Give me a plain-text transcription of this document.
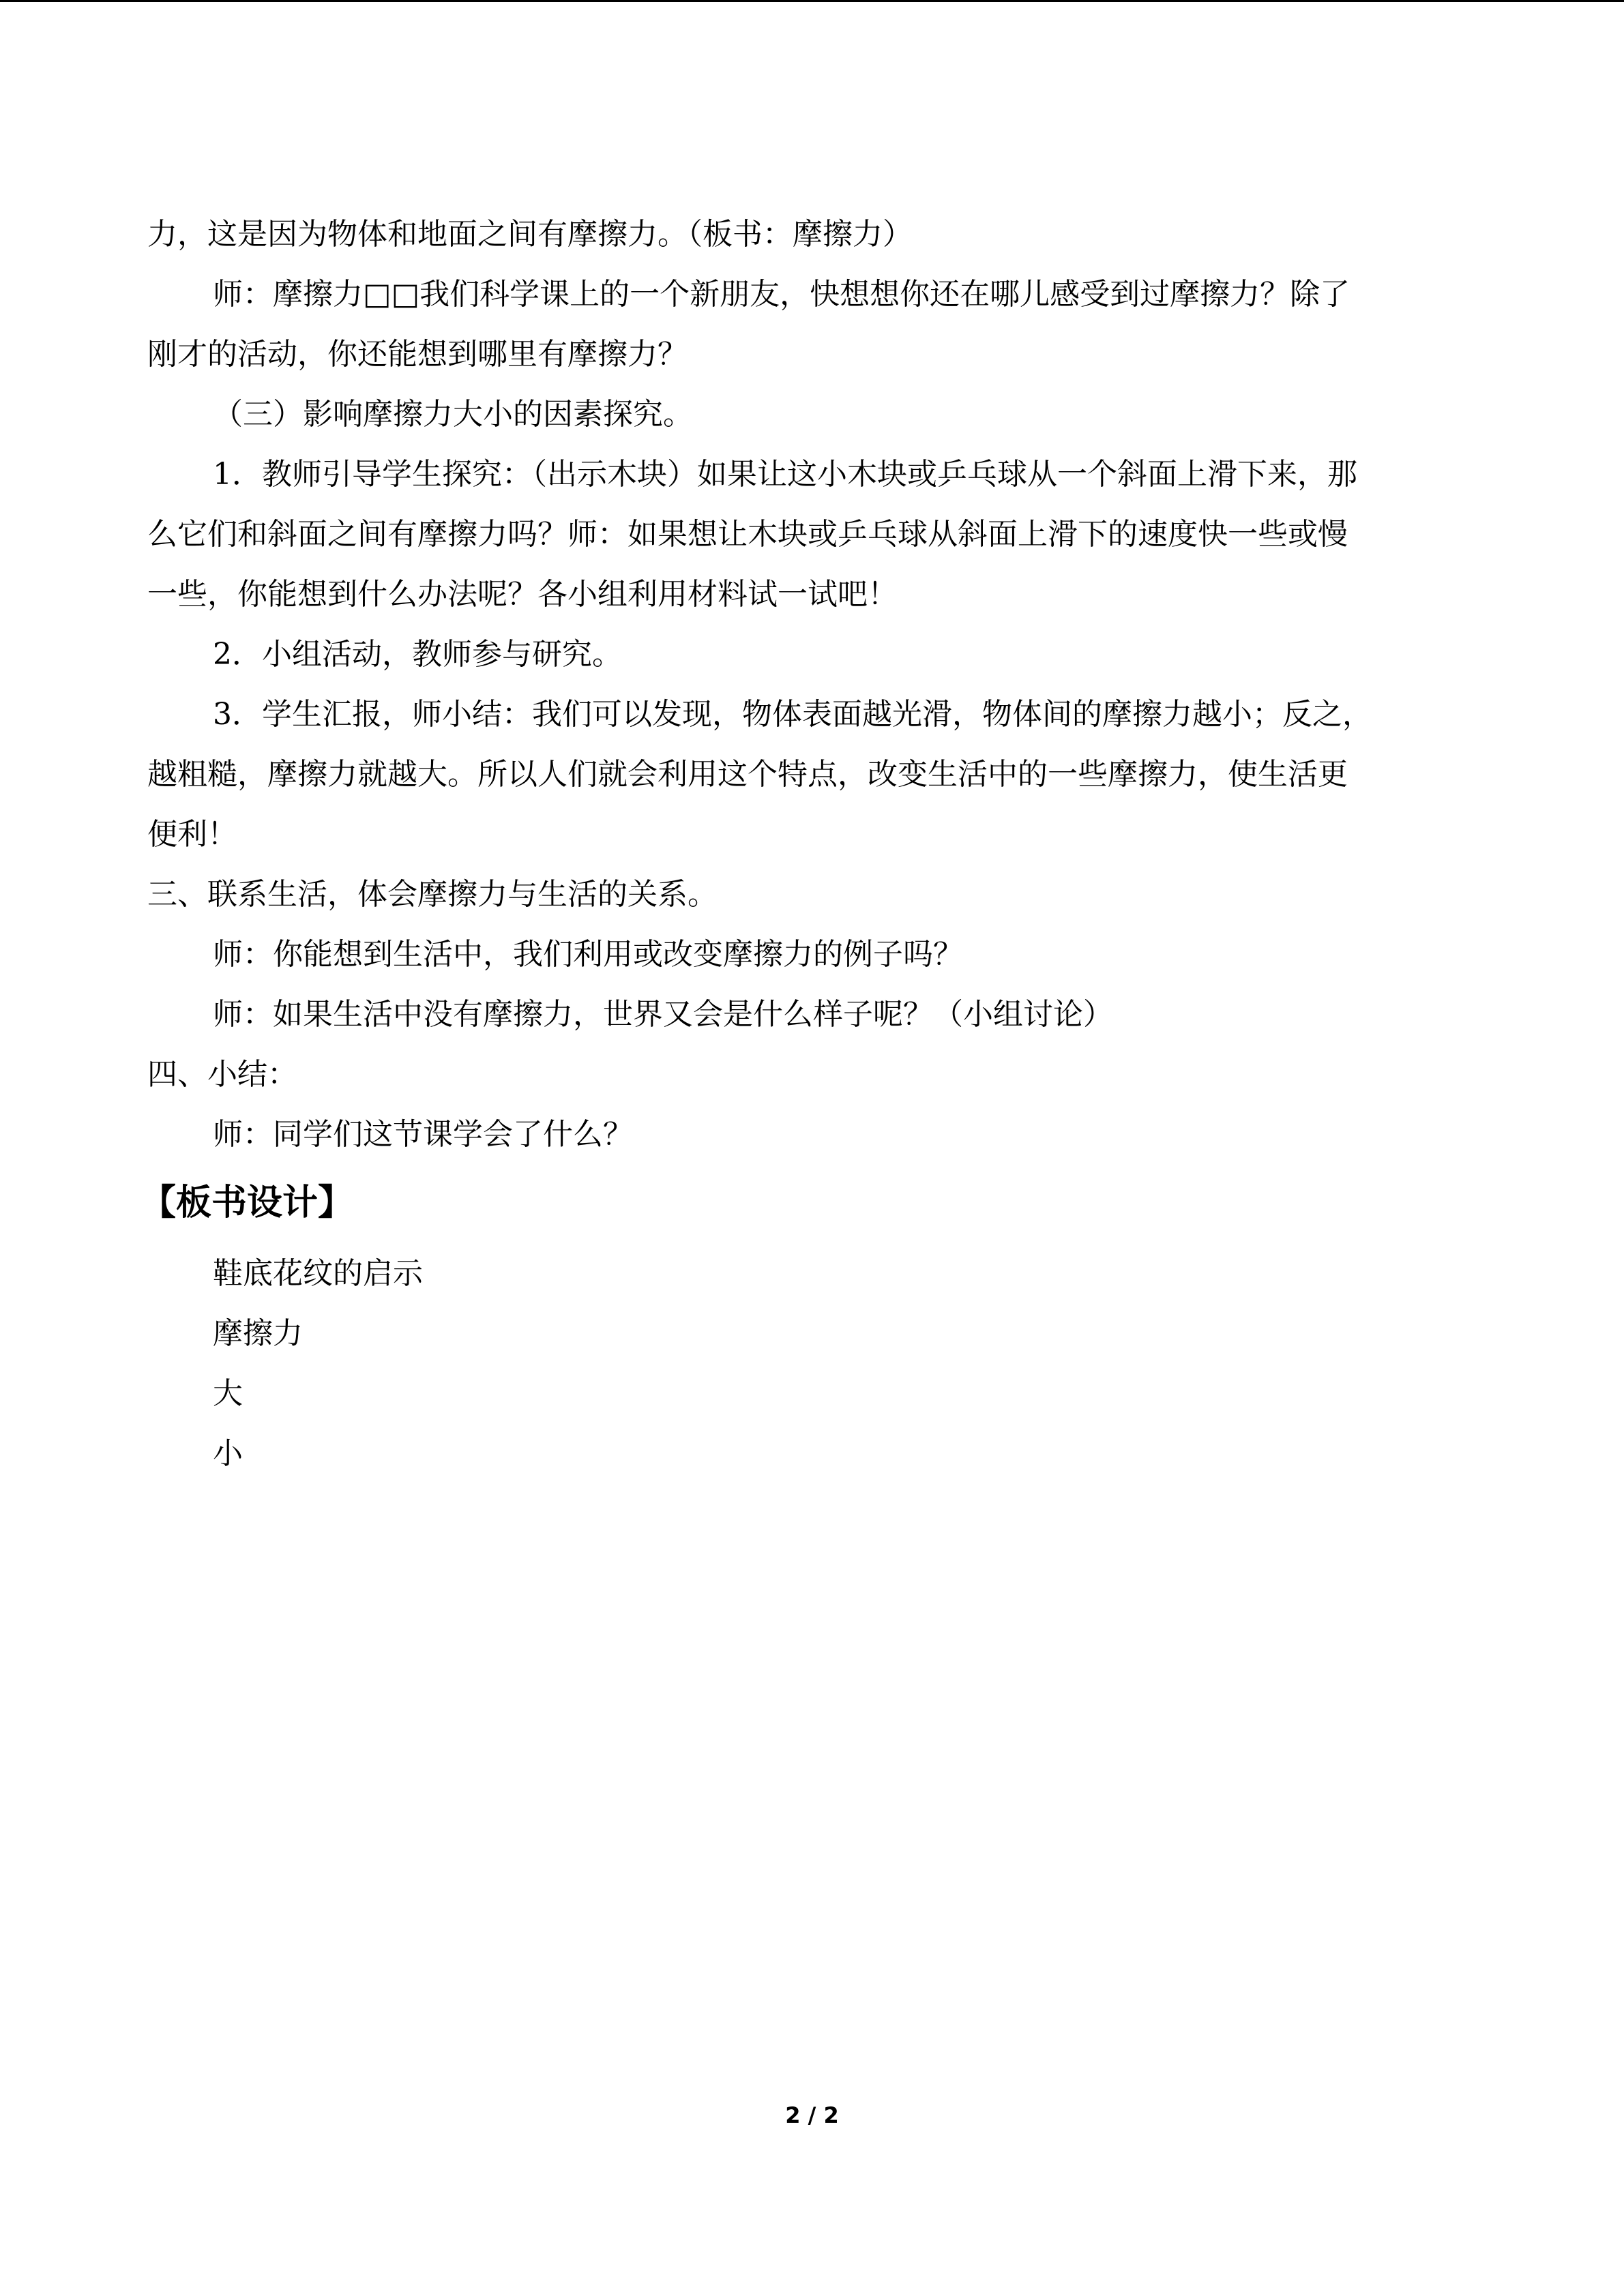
力，这是因为物体和地面之间有摩擦力。（板书：摩擦力）

师：摩擦力□□我们科学课上的一个新朋友，快想想你还在哪儿感受到过摩擦力？除了

刚才的活动，你还能想到哪里有摩擦力？

（三）影响摩擦力大小的因素探究。

1．教师引导学生探究：（出示木块）如果让这小木块或乒乓球从一个斜面上滑下来，那

么它们和斜面之间有摩擦力吗？师：如果想让木块或乒乓球从斜面上滑下的速度快一些或慢

一些，你能想到什么办法呢？各小组利用材料试一试吧！

2．小组活动，教师参与研究。

3．学生汇报，师小结：我们可以发现，物体表面越光滑，物体间的摩擦力越小；反之，

越粗糙，摩擦力就越大。所以人们就会利用这个特点，改变生活中的一些摩擦力，使生活更

便利！

三、联系生活，体会摩擦力与生活的关系。

师：你能想到生活中，我们利用或改变摩擦力的例子吗？

师：如果生活中没有摩擦力，世界又会是什么样子呢？（小组讨论）

四、小结：

师：同学们这节课学会了什么？

【板书设计】

鞋底花纹的启示

摩擦力

大

小

2 / 2
